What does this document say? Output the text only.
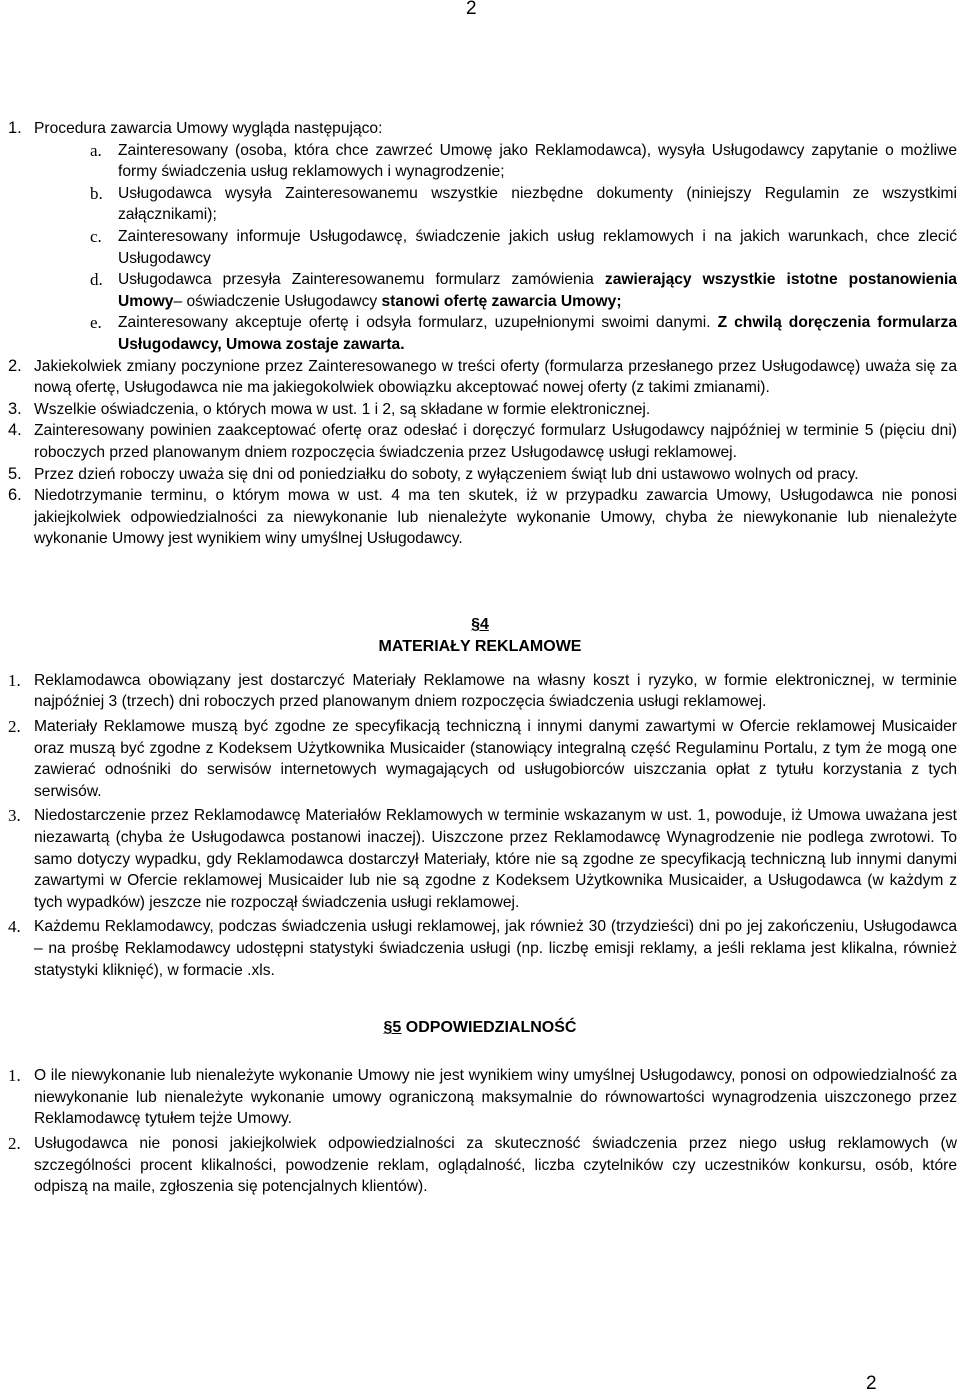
2
1. Procedura zawarcia Umowy wygląda następująco:
a. Zainteresowany (osoba, która chce zawrzeć Umowę jako Reklamodawca), wysyła Usługodawcy zapytanie o możliwe formy świadczenia usług reklamowych i wynagrodzenie;
b. Usługodawca wysyła Zainteresowanemu wszystkie niezbędne dokumenty (niniejszy Regulamin ze wszystkimi załącznikami);
c. Zainteresowany informuje Usługodawcę, świadczenie jakich usług reklamowych i na jakich warunkach, chce zlecić Usługodawcy
d. Usługodawca przesyła Zainteresowanemu formularz zamówienia zawierający wszystkie istotne postanowienia Umowy– oświadczenie Usługodawcy stanowi ofertę zawarcia Umowy;
e. Zainteresowany akceptuje ofertę i odsyła formularz, uzupełnionymi swoimi danymi. Z chwilą doręczenia formularza Usługodawcy, Umowa zostaje zawarta.
2. Jakiekolwiek zmiany poczynione przez Zainteresowanego w treści oferty (formularza przesłanego przez Usługodawcę) uważa się za nową ofertę, Usługodawca nie ma jakiegokolwiek obowiązku akceptować nowej oferty (z takimi zmianami).
3. Wszelkie oświadczenia, o których mowa w ust. 1 i 2, są składane w formie elektronicznej.
4. Zainteresowany powinien zaakceptować ofertę oraz odesłać i doręczyć formularz Usługodawcy najpóźniej w terminie 5 (pięciu dni) roboczych przed planowanym dniem rozpoczęcia świadczenia przez Usługodawcę usługi reklamowej.
5. Przez dzień roboczy uważa się dni od poniedziałku do soboty, z wyłączeniem świąt lub dni ustawowo wolnych od pracy.
6. Niedotrzymanie terminu, o którym mowa w ust. 4 ma ten skutek, iż w przypadku zawarcia Umowy, Usługodawca nie ponosi jakiejkolwiek odpowiedzialności za niewykonanie lub nienależyte wykonanie Umowy, chyba że niewykonanie lub nienależyte wykonanie Umowy jest wynikiem winy umyślnej Usługodawcy.
§4
MATERIAŁY REKLAMOWE
1. Reklamodawca obowiązany jest dostarczyć Materiały Reklamowe na własny koszt i ryzyko, w formie elektronicznej, w terminie najpóźniej 3 (trzech) dni roboczych przed planowanym dniem rozpoczęcia świadczenia usługi reklamowej.
2. Materiały Reklamowe muszą być zgodne ze specyfikacją techniczną i innymi danymi zawartymi w Ofercie reklamowej Musicaider oraz muszą być zgodne z Kodeksem Użytkownika Musicaider (stanowiący integralną część Regulaminu Portalu, z tym że mogą one zawierać odnośniki do serwisów internetowych wymagających od usługobiorców uiszczania opłat z tytułu korzystania z tych serwisów.
3. Niedostarczenie przez Reklamodawcę Materiałów Reklamowych w terminie wskazanym w ust. 1, powoduje, iż Umowa uważana jest niezawartą (chyba że Usługodawca postanowi inaczej). Uiszczone przez Reklamodawcę Wynagrodzenie nie podlega zwrotowi. To samo dotyczy wypadku, gdy Reklamodawca dostarczył Materiały, które nie są zgodne ze specyfikacją techniczną lub innymi danymi zawartymi w Ofercie reklamowej Musicaider lub nie są zgodne z Kodeksem Użytkownika Musicaider, a Usługodawca (w każdym z tych wypadków) jeszcze nie rozpoczął świadczenia usługi reklamowej.
4. Każdemu Reklamodawcy, podczas świadczenia usługi reklamowej, jak również 30 (trzydzieści) dni po jej zakończeniu, Usługodawca – na prośbę Reklamodawcy udostępni statystyki świadczenia usługi (np. liczbę emisji reklamy, a jeśli reklama jest klikalna, również statystyki kliknięć), w formacie .xls.
§5 ODPOWIEDZIALNOŚĆ
1. O ile niewykonanie lub nienależyte wykonanie Umowy nie jest wynikiem winy umyślnej Usługodawcy, ponosi on odpowiedzialność za niewykonanie lub nienależyte wykonanie umowy ograniczoną maksymalnie do równowartości wynagrodzenia uiszczonego przez Reklamodawcę tytułem tejże Umowy.
2. Usługodawca nie ponosi jakiejkolwiek odpowiedzialności za skuteczność świadczenia przez niego usług reklamowych (w szczególności procent klikalności, powodzenie reklam, oglądalność, liczba czytelników czy uczestników konkursu, osób, które odpiszą na maile, zgłoszenia się potencjalnych klientów).
2
